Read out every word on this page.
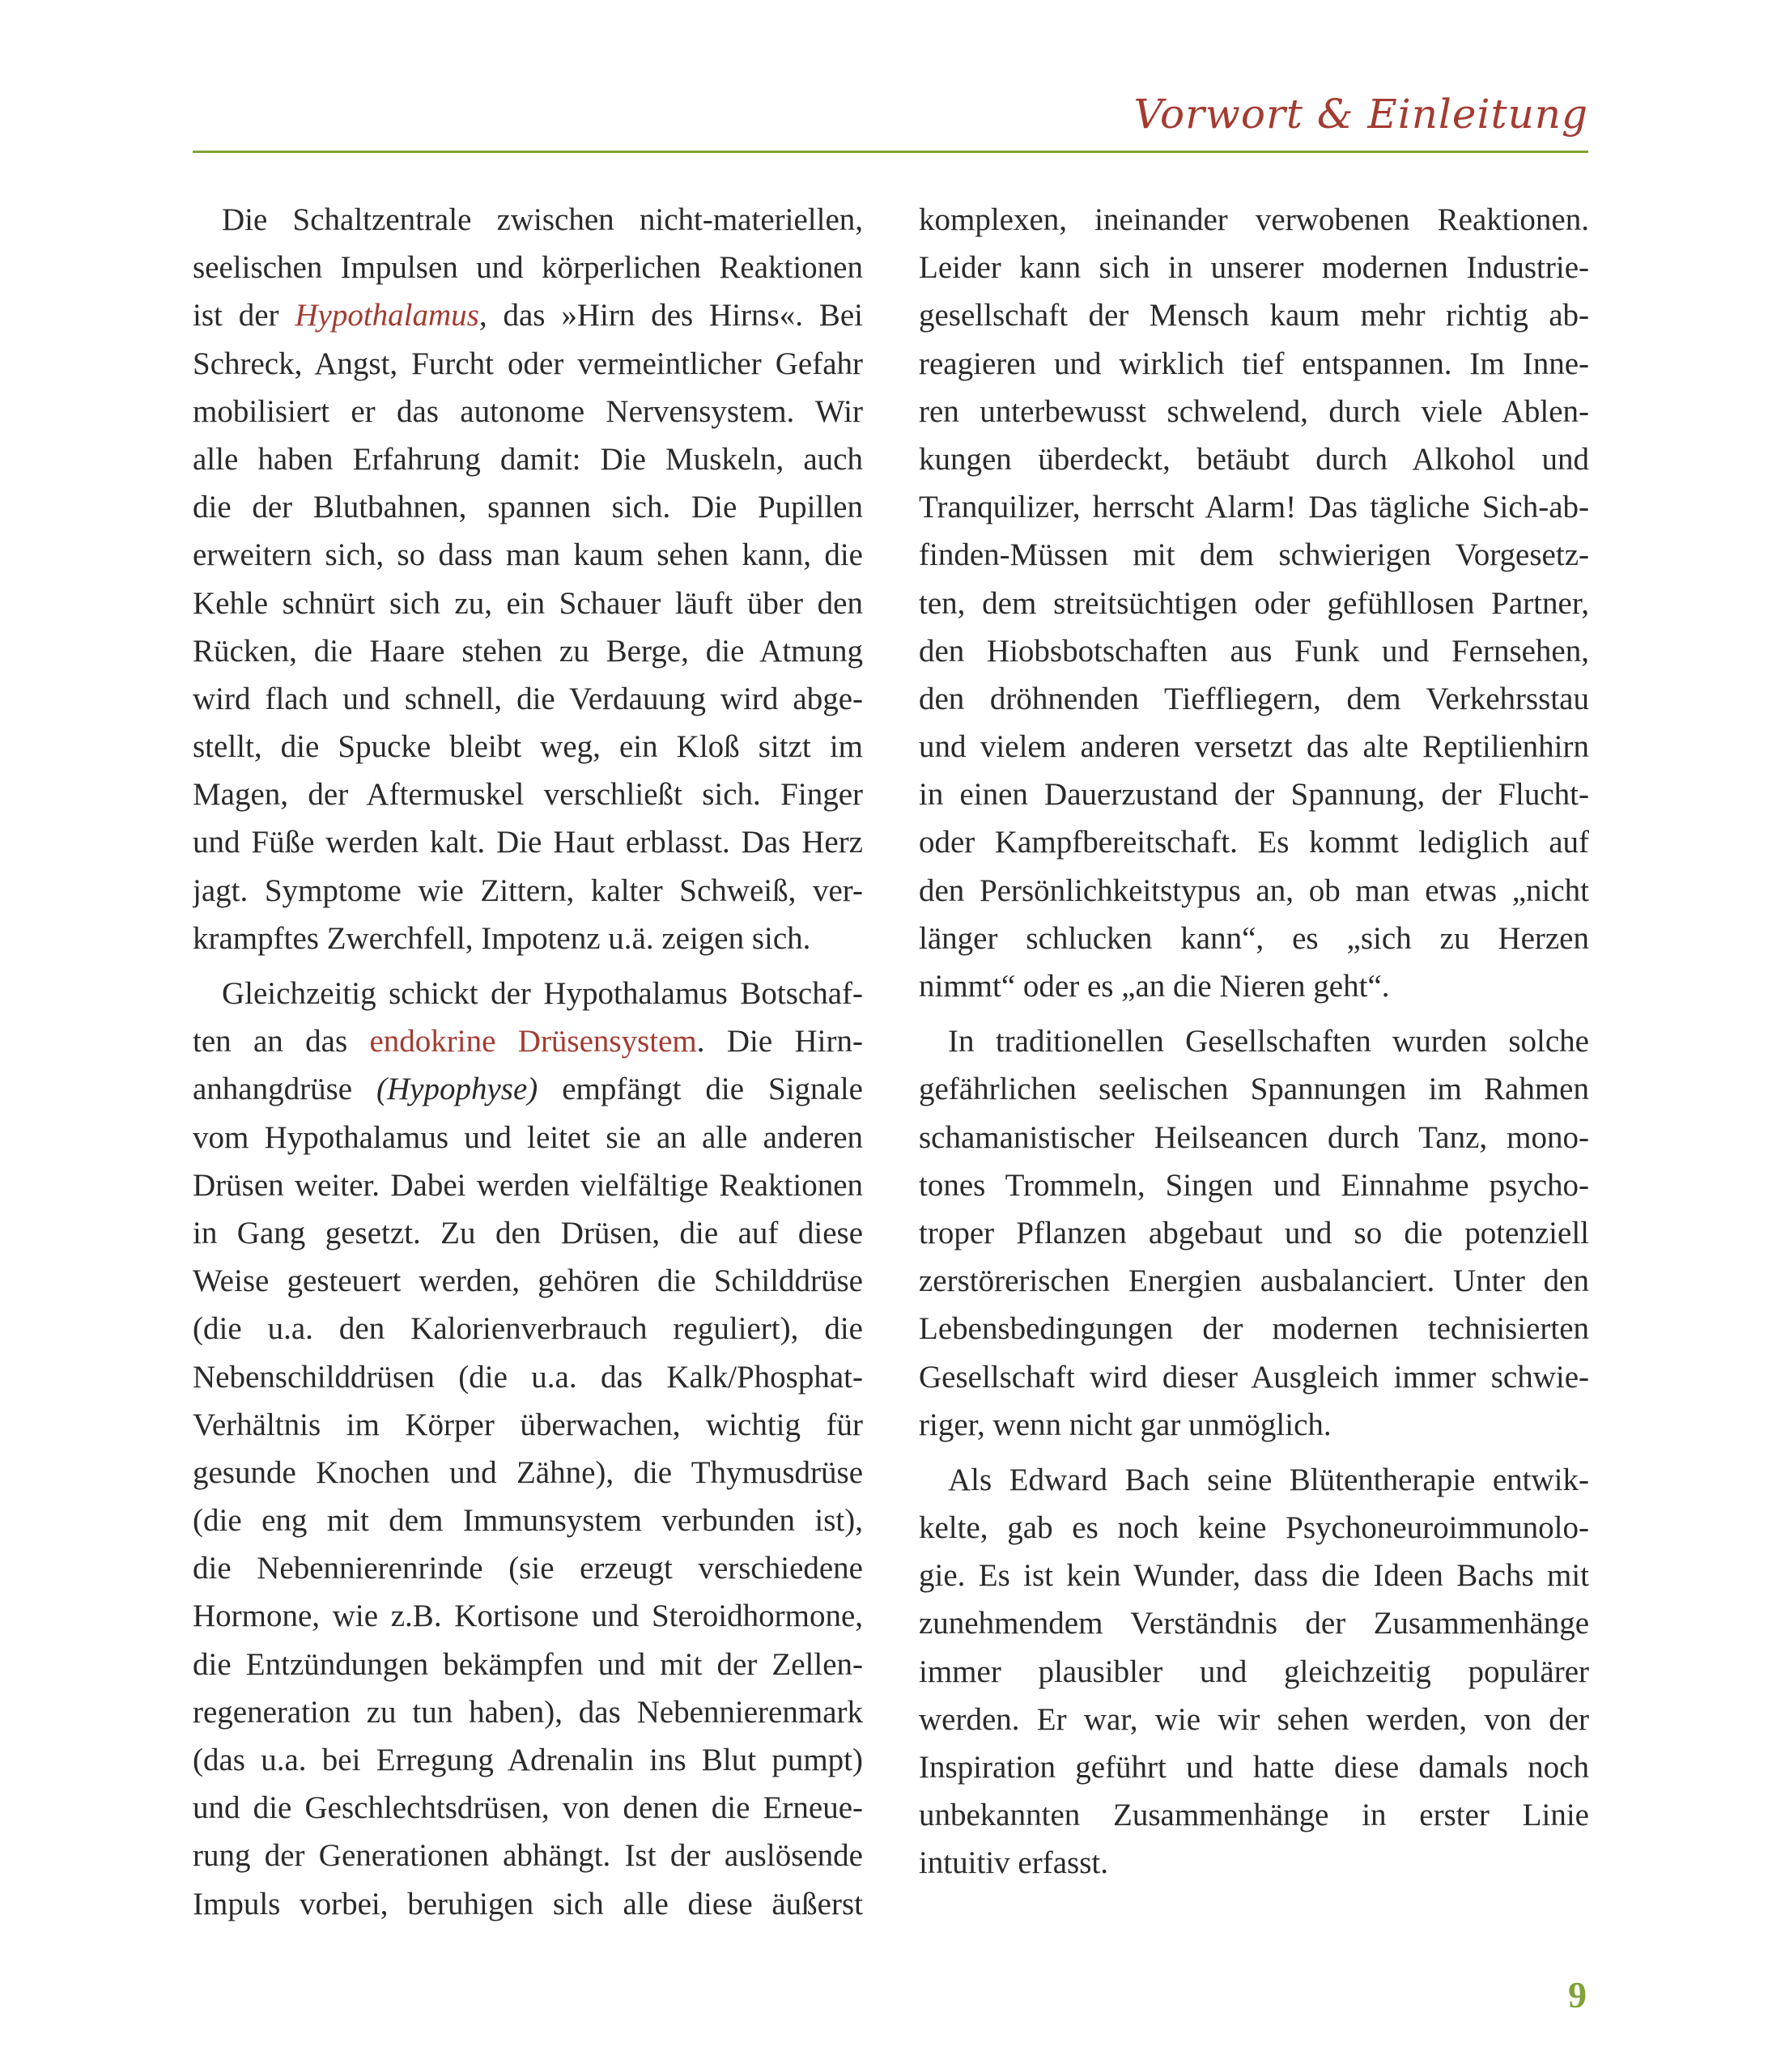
Vorwort & Einleitung
Die Schaltzentrale zwischen nicht-materiellen,
seelischen Impulsen und körperlichen Reaktionen
ist der Hypothalamus, das »Hirn des Hirns«. Bei
Schreck, Angst, Furcht oder vermeintlicher Gefahr
mobilisiert er das autonome Nervensystem. Wir
alle haben Erfahrung damit: Die Muskeln, auch
die der Blutbahnen, spannen sich. Die Pupillen
erweitern sich, so dass man kaum sehen kann, die
Kehle schnürt sich zu, ein Schauer läuft über den
Rücken, die Haare stehen zu Berge, die Atmung
wird flach und schnell, die Verdauung wird abge-
stellt, die Spucke bleibt weg, ein Kloß sitzt im
Magen, der Aftermuskel verschließt sich. Finger
und Füße werden kalt. Die Haut erblasst. Das Herz
jagt. Symptome wie Zittern, kalter Schweiß, ver-
krampftes Zwerchfell, Impotenz u.ä. zeigen sich.
Gleichzeitig schickt der Hypothalamus Botschaf-
ten an das endokrine Drüsensystem. Die Hirn-
anhangdrüse (Hypophyse) empfängt die Signale
vom Hypothalamus und leitet sie an alle anderen
Drüsen weiter. Dabei werden vielfältige Reaktionen
in Gang gesetzt. Zu den Drüsen, die auf diese
Weise gesteuert werden, gehören die Schilddrüse
(die u.a. den Kalorienverbrauch reguliert), die
Nebenschilddrüsen (die u.a. das Kalk/Phosphat-
Verhältnis im Körper überwachen, wichtig für
gesunde Knochen und Zähne), die Thymusdrüse
(die eng mit dem Immunsystem verbunden ist),
die Nebennierenrinde (sie erzeugt verschiedene
Hormone, wie z.B. Kortisone und Steroidhormone,
die Entzündungen bekämpfen und mit der Zellen-
regeneration zu tun haben), das Nebennierenmark
(das u.a. bei Erregung Adrenalin ins Blut pumpt)
und die Geschlechtsdrüsen, von denen die Erneue-
rung der Generationen abhängt. Ist der auslösende
Impuls vorbei, beruhigen sich alle diese äußerst
komplexen, ineinander verwobenen Reaktionen.
Leider kann sich in unserer modernen Industrie-
gesellschaft der Mensch kaum mehr richtig ab-
reagieren und wirklich tief entspannen. Im Inne-
ren unterbewusst schwelend, durch viele Ablen-
kungen überdeckt, betäubt durch Alkohol und
Tranquilizer, herrscht Alarm! Das tägliche Sich-ab-
finden-Müssen mit dem schwierigen Vorgesetz-
ten, dem streitsüchtigen oder gefühllosen Partner,
den Hiobsbotschaften aus Funk und Fernsehen,
den dröhnenden Tieffliegern, dem Verkehrsstau
und vielem anderen versetzt das alte Reptilienhirn
in einen Dauerzustand der Spannung, der Flucht-
oder Kampfbereitschaft. Es kommt lediglich auf
den Persönlichkeitstypus an, ob man etwas „nicht
länger schlucken kann“, es „sich zu Herzen
nimmt“ oder es „an die Nieren geht“.
In traditionellen Gesellschaften wurden solche
gefährlichen seelischen Spannungen im Rahmen
schamanistischer Heilseancen durch Tanz, mono-
tones Trommeln, Singen und Einnahme psycho-
troper Pflanzen abgebaut und so die potenziell
zerstörerischen Energien ausbalanciert. Unter den
Lebensbedingungen der modernen technisierten
Gesellschaft wird dieser Ausgleich immer schwie-
riger, wenn nicht gar unmöglich.
Als Edward Bach seine Blütentherapie entwik-
kelte, gab es noch keine Psychoneuroimmunolo-
gie. Es ist kein Wunder, dass die Ideen Bachs mit
zunehmendem Verständnis der Zusammenhänge
immer plausibler und gleichzeitig populärer
werden. Er war, wie wir sehen werden, von der
Inspiration geführt und hatte diese damals noch
unbekannten Zusammenhänge in erster Linie
intuitiv erfasst.
9
